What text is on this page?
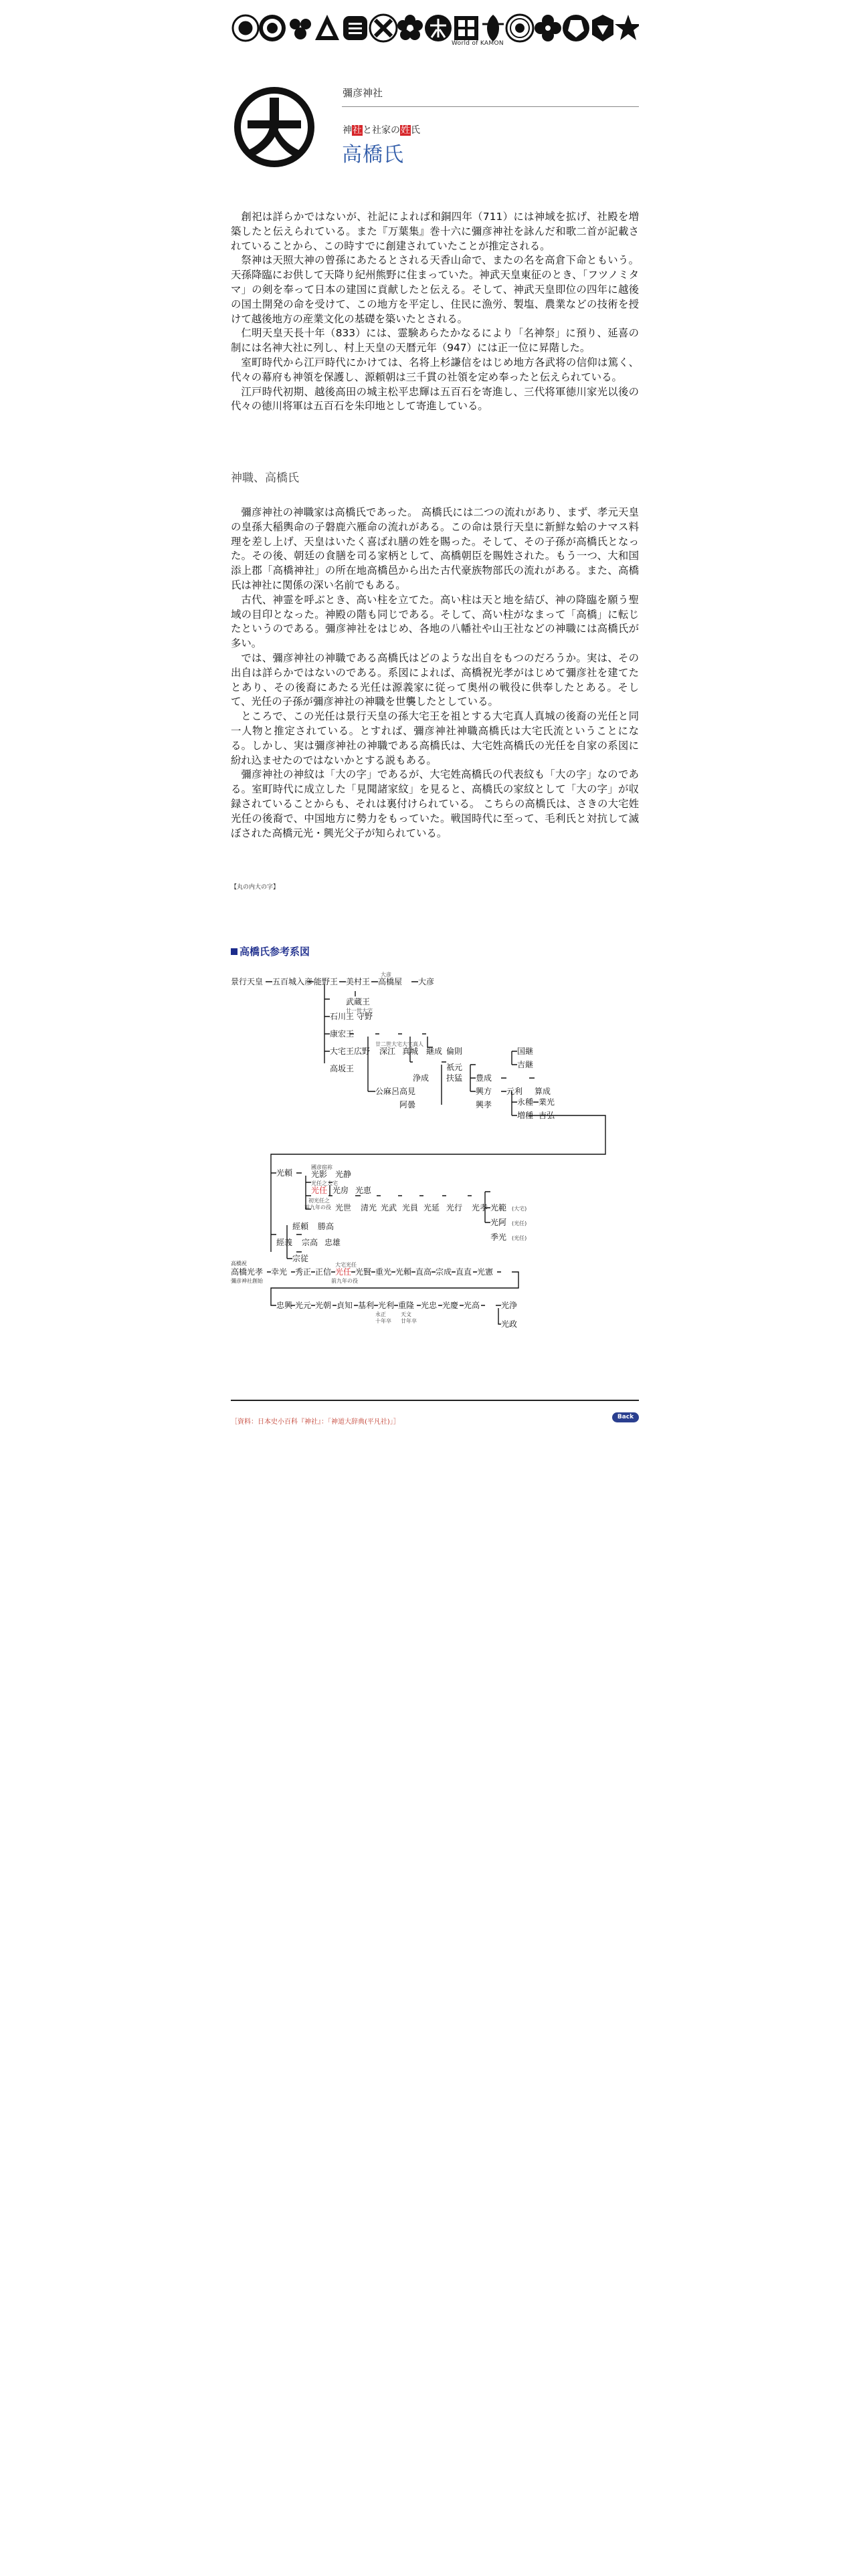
World of KAMON
彌彦神社
神社と社家の姓氏
高橋氏

創祀は詳らかではないが、社記によれば和銅四年（711）には神域を拡げ、社殿を増築したと伝えられている。また『万葉集』巻十六に彌彦神社を詠んだ和歌二首が記載されていることから、この時すでに創建されていたことが推定される。

祭神は天照大神の曾孫にあたるとされる天香山命で、またの名を高倉下命ともいう。天孫降臨にお供して天降り紀州熊野に住まっていた。神武天皇東征のとき、「フツノミタマ」の剣を奉って日本の建国に貢献したと伝える。そして、神武天皇即位の四年に越後の国土開発の命を受けて、この地方を平定し、住民に漁労、製塩、農業などの技術を授けて越後地方の産業文化の基礎を築いたとされる。

仁明天皇天長十年（833）には、霊験あらたかなるにより「名神祭」に預り、延喜の制には名神大社に列し、村上天皇の天暦元年（947）には正一位に昇階した。

室町時代から江戸時代にかけては、名将上杉謙信をはじめ地方各武将の信仰は篤く、代々の幕府も神領を保護し、源頼朝は三千貫の社領を定め奉ったと伝えられている。

江戸時代初期、越後高田の城主松平忠輝は五百石を寄進し、三代将軍徳川家光以後の代々の徳川将軍は五百石を朱印地として寄進している。

神職、高橋氏

彌彦神社の神職家は高橋氏であった。 高橋氏には二つの流れがあり、まず、孝元天皇の皇孫大稲輿命の子磐鹿六雁命の流れがある。この命は景行天皇に新鮮な蛤のナマス料理を差し上げ、天皇はいたく喜ばれ膳の姓を賜った。そして、その子孫が高橋氏となった。その後、朝廷の食膳を司る家柄として、高橋朝臣を賜姓された。もう一つ、大和国添上郡「高橋神社」の所在地高橋邑から出た古代豪族物部氏の流れがある。また、高橋氏は神社に関係の深い名前でもある。

古代、神霊を呼ぶとき、高い柱を立てた。高い柱は天と地を結び、神の降臨を願う聖域の目印となった。神殿の階も同じである。そして、高い柱がなまって「高橋」に転じたというのである。彌彦神社をはじめ、各地の八幡社や山王社などの神職には高橋氏が多い。

では、彌彦神社の神職である高橋氏はどのような出自をもつのだろうか。実は、その出自は詳らかではないのである。系図によれば、高橋祝光孝がはじめて彌彦社を建てたとあり、その後裔にあたる光任は源義家に従って奥州の戦役に供奉したとある。そして、光任の子孫が彌彦神社の神職を世襲したとしている。

ところで、この光任は景行天皇の孫大宅王を祖とする大宅真人真城の後裔の光任と同一人物と推定されている。とすれば、彌彦神社神職高橋氏は大宅氏流ということになる。しかし、実は彌彦神社の神職である高橋氏は、大宅姓高橋氏の光任を自家の系図に紛れ込ませたのではないかとする説もある。

彌彦神社の神紋は「大の字」であるが、大宅姓高橋氏の代表紋も「大の字」なのである。室町時代に成立した「見聞諸家紋」を見ると、高橋氏の家紋として「大の字」が収録されていることからも、それは裏付けられている。 こちらの高橋氏は、さきの大宅姓光任の後裔で、中国地方に勢力をもっていた。戦国時代に至って、毛利氏と対抗して滅ぼされた高橋元光・興光父子が知られている。

【丸の内大の字】
高橋氏参考系図
景行天皇 五百城入彦 能野王 美村王 高橋屋 大彦
大彦
武蔵王
廿一世大宅
石川王 守野
康宏王
大宅王 広野
廿二世大宅
深江
大宅真人
真城 継成 倫則
高坂王	祇元
公麻呂 高見
阿曇
浄成 扶猛 豊成
国継
吉継
興方 元利 算成
興孝	永種 業光
増種 吉弘
光頼
國彦宿祢
光影 光静
光任之大宅
光任 光房 光恵
初光任之
前九年の役 光世 清光 光武 光員 光延 光行 光孝 光範 (大宅)
光阿 (光任)
季光 (光任)
經頼 勝高
經義 宗高 忠雄
宗従
高橋祝
高橋光孝
彌彦神社創始
幸光 秀正 正信
大宅光任
光任
前九年の役
光賢 重光 光頼 直高 宗成 直直 光憲
忠興 光元 光朝 貞知 基利 光利
永正
十年卒
重隆
天文
廿年卒
光忠 光慶 光高	光浄
光政
［資料：日本史小百科『神社』：「神道大辞典(平凡社)」］
Back
